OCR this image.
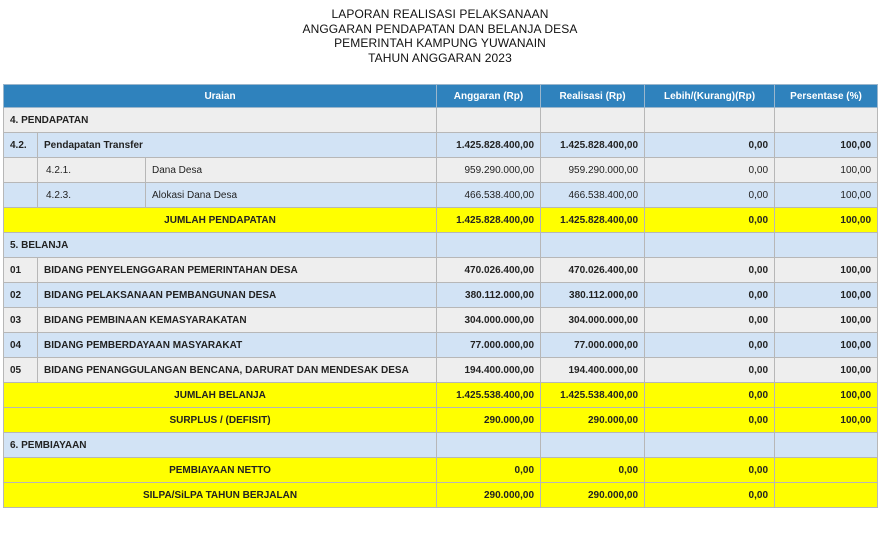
LAPORAN REALISASI PELAKSANAAN
ANGGARAN PENDAPATAN DAN BELANJA DESA
PEMERINTAH KAMPUNG YUWANAIN
TAHUN ANGGARAN 2023
Uraian			Anggaran (Rp)	Realisasi (Rp)	Lebih/(Kurang)(Rp)	Persentase (%)
4. PENDAPATAN						
4.2.	Pendapatan Transfer		1.425.828.400,00	1.425.828.400,00	0,00	100,00
	4.2.1.	Dana Desa	959.290.000,00	959.290.000,00	0,00	100,00
	4.2.3.	Alokasi Dana Desa	466.538.400,00	466.538.400,00	0,00	100,00
JUMLAH PENDAPATAN			1.425.828.400,00	1.425.828.400,00	0,00	100,00
5. BELANJA						
01	BIDANG PENYELENGGARAN PEMERINTAHAN DESA		470.026.400,00	470.026.400,00	0,00	100,00
02	BIDANG PELAKSANAAN PEMBANGUNAN DESA		380.112.000,00	380.112.000,00	0,00	100,00
03	BIDANG PEMBINAAN KEMASYARAKATAN		304.000.000,00	304.000.000,00	0,00	100,00
04	BIDANG PEMBERDAYAAN MASYARAKAT		77.000.000,00	77.000.000,00	0,00	100,00
05	BIDANG PENANGGULANGAN BENCANA, DARURAT DAN MENDESAK DESA		194.400.000,00	194.400.000,00	0,00	100,00
JUMLAH BELANJA			1.425.538.400,00	1.425.538.400,00	0,00	100,00
SURPLUS / (DEFISIT)			290.000,00	290.000,00	0,00	100,00
6. PEMBIAYAAN						
PEMBIAYAAN NETTO			0,00	0,00	0,00	
SILPA/SiLPA TAHUN BERJALAN			290.000,00	290.000,00	0,00	
